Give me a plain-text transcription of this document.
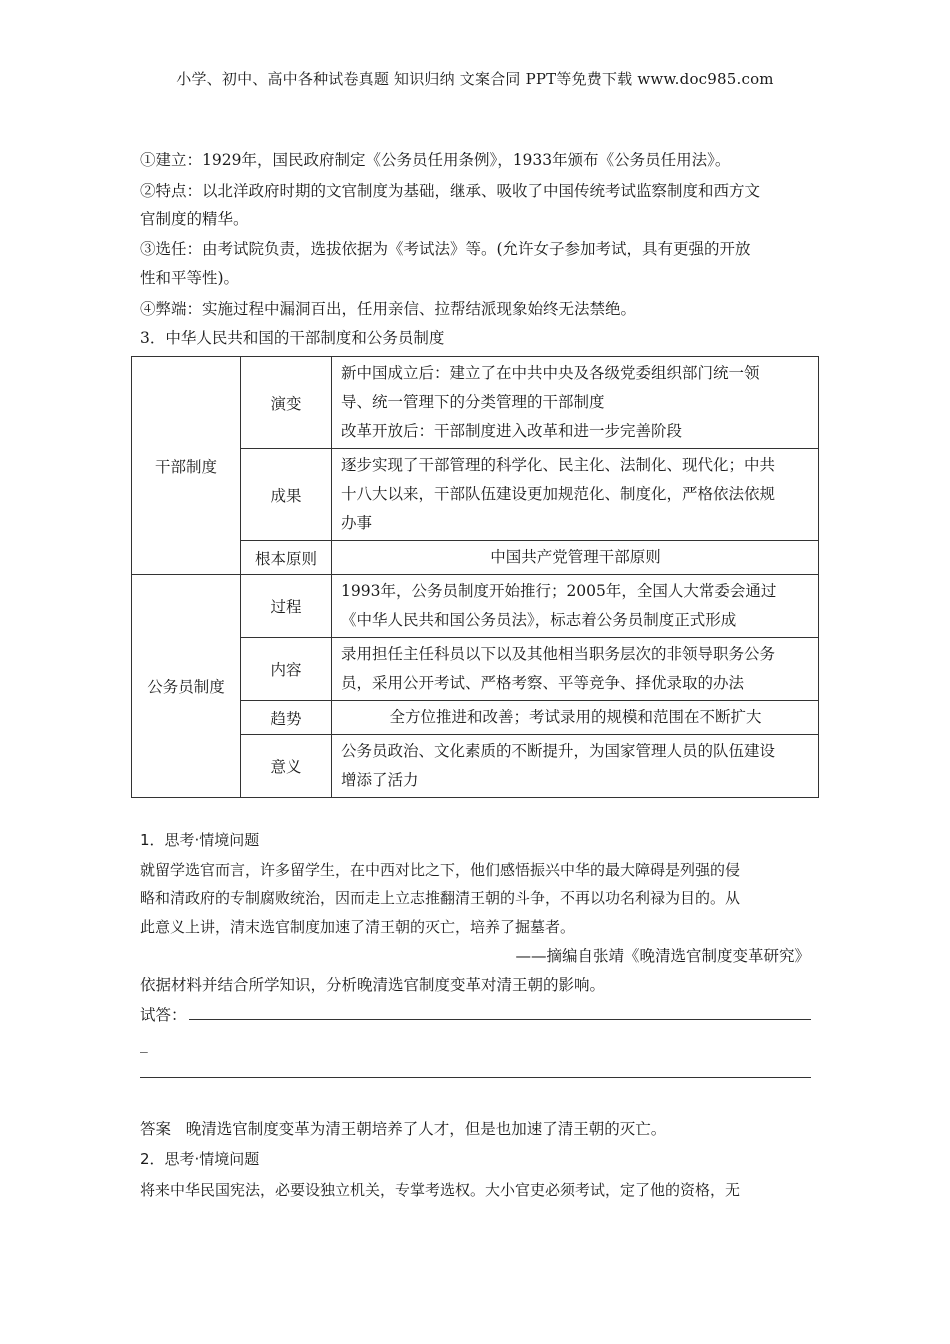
小学、初中、高中各种试卷真题 知识归纳 文案合同 PPT等免费下载 www.doc985.com
①建立：1929年，国民政府制定《公务员任用条例》，1933年颁布《公务员任用法》。
②特点：以北洋政府时期的文官制度为基础，继承、吸收了中国传统考试监察制度和西方文
官制度的精华。
③选任：由考试院负责，选拔依据为《考试法》等。(允许女子参加考试，具有更强的开放
性和平等性)。
④弊端：实施过程中漏洞百出，任用亲信、拉帮结派现象始终无法禁绝。
3．中华人民共和国的干部制度和公务员制度
干部制度	演变	新中国成立后：建立了在中共中央及各级党委组织部门统一领
导、统一管理下的分类管理的干部制度
改革开放后：干部制度进入改革和进一步完善阶段

	成果	逐步实现了干部管理的科学化、民主化、法制化、现代化；中共
十八大以来，干部队伍建设更加规范化、制度化，严格依法依规
办事

	根本原则	中国共产党管理干部原则

公务员制度	过程	1993年，公务员制度开始推行；2005年，全国人大常委会通过
《中华人民共和国公务员法》，标志着公务员制度正式形成

	内容	录用担任主任科员以下以及其他相当职务层次的非领导职务公务
员，采用公开考试、严格考察、平等竞争、择优录取的办法

	趋势	全方位推进和改善；考试录用的规模和范围在不断扩大

	意义	公务员政治、文化素质的不断提升，为国家管理人员的队伍建设
增添了活力
1．思考·情境问题
就留学选官而言，许多留学生，在中西对比之下，他们感悟振兴中华的最大障碍是列强的侵
略和清政府的专制腐败统治，因而走上立志推翻清王朝的斗争，不再以功名利禄为目的。从
此意义上讲，清末选官制度加速了清王朝的灭亡，培养了掘墓者。
——摘编自张靖《晚清选官制度变革研究》
依据材料并结合所学知识，分析晚清选官制度变革对清王朝的影响。
试答：
_
答案 晚清选官制度变革为清王朝培养了人才，但是也加速了清王朝的灭亡。
2．思考·情境问题
将来中华民国宪法，必要设独立机关，专掌考选权。大小官吏必须考试，定了他的资格，无
